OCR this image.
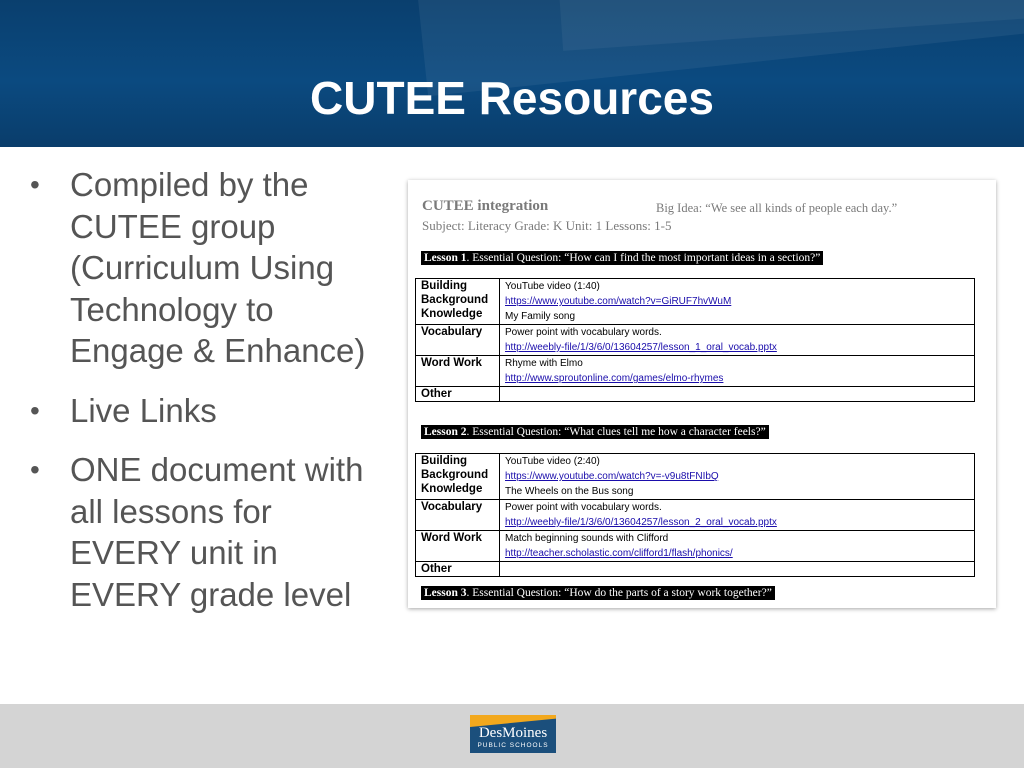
CUTEE Resources
• Compiled by the CUTEE group (Curriculum Using Technology to Engage & Enhance)
• Live Links
• ONE document with all lessons for EVERY unit in EVERY grade level
CUTEE integration	Big Idea: “We see all kinds of people each day.”
Subject: Literacy Grade: K Unit: 1 Lessons: 1-5
Lesson 1. Essential Question: “How can I find the most important ideas in a section?”
Building Background Knowledge	YouTube video (1:40)
https://www.youtube.com/watch?v=GiRUF7hvWuM
My Family song

Vocabulary	Power point with vocabulary words.
http://weebly-file/1/3/6/0/13604257/lesson_1_oral_vocab.pptx

Word Work	Rhyme with Elmo
http://www.sproutonline.com/games/elmo-rhymes

Other	
Lesson 2. Essential Question: “What clues tell me how a character feels?”
Building Background Knowledge	YouTube video (2:40)
https://www.youtube.com/watch?v=-v9u8tFNIbQ
The Wheels on the Bus song

Vocabulary	Power point with vocabulary words.
http://weebly-file/1/3/6/0/13604257/lesson_2_oral_vocab.pptx

Word Work	Match beginning sounds with Clifford
http://teacher.scholastic.com/clifford1/flash/phonics/

Other	
Lesson 3. Essential Question: “How do the parts of a story work together?”
DesMoines
PUBLIC SCHOOLS
